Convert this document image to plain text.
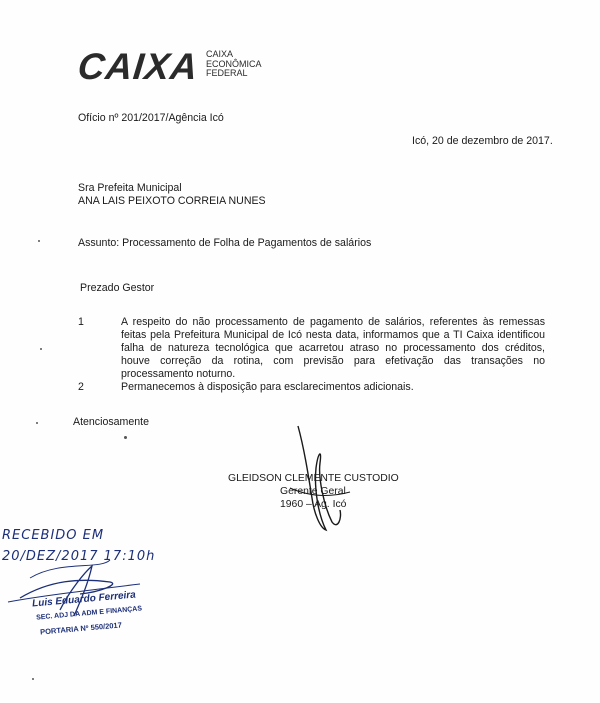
CAIXA CAIXA
ECONÔMICA
FEDERAL
Ofício nº 201/2017/Agência Icó
Icó, 20 de dezembro de 2017.
Sra Prefeita Municipal
ANA LAIS PEIXOTO CORREIA NUNES
Assunto: Processamento de Folha de Pagamentos de salários
Prezado Gestor
1	A respeito do não processamento de pagamento de salários, referentes às remessas feitas pela Prefeitura Municipal de Icó nesta data, informamos que a TI Caixa identificou falha de natureza tecnológica que acarretou atraso no processamento dos créditos, houve correção da rotina, com previsão para efetivação das transações no processamento noturno.
2	Permanecemos à disposição para esclarecimentos adicionais.
Atenciosamente
GLEIDSON CLEMENTE CUSTODIO
Gerente Geral
1960 – Ag. Icó
RECEBIDO EM
20/DEZ/2017 17:10h
Luis Eduardo Ferreira
SEC. ADJ DA ADM E FINANÇAS
PORTARIA Nº 550/2017
